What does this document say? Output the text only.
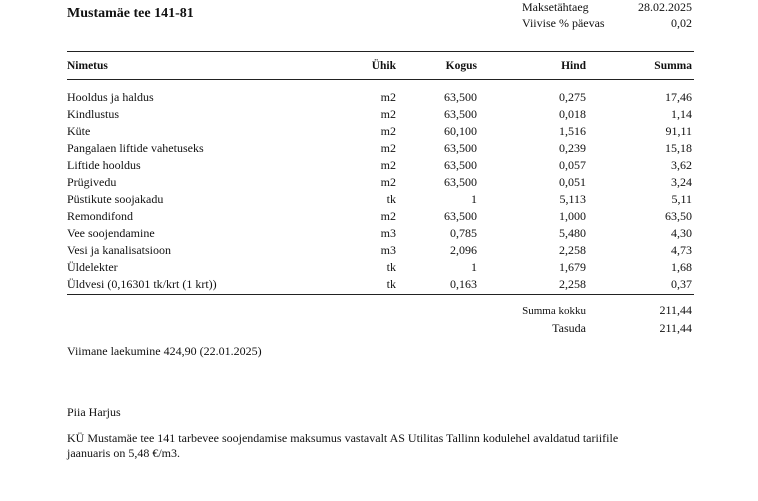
Mustamäe tee 141-81	Maksetähtaeg	28.02.2025
Viivise % päevas	0,02
Nimetus	Ühik	Kogus	Hind	Summa
Hooldus ja haldus	m2	63,500	0,275	17,46
Kindlustus	m2	63,500	0,018	1,14
Küte	m2	60,100	1,516	91,11
Pangalaen liftide vahetuseks	m2	63,500	0,239	15,18
Liftide hooldus	m2	63,500	0,057	3,62
Prügivedu	m2	63,500	0,051	3,24
Püstikute soojakadu	tk	1	5,113	5,11
Remondifond	m2	63,500	1,000	63,50
Vee soojendamine	m3	0,785	5,480	4,30
Vesi ja kanalisatsioon	m3	2,096	2,258	4,73
Üldelekter	tk	1	1,679	1,68
Üldvesi (0,16301 tk/krt (1 krt))	tk	0,163	2,258	0,37
Summa kokku	211,44
Tasuda	211,44
Viimane laekumine 424,90 (22.01.2025)
Piia Harjus
KÜ Mustamäe tee 141 tarbevee soojendamise maksumus vastavalt AS Utilitas Tallinn kodulehel avaldatud tariifile
jaanuaris on 5,48 €/m3.
